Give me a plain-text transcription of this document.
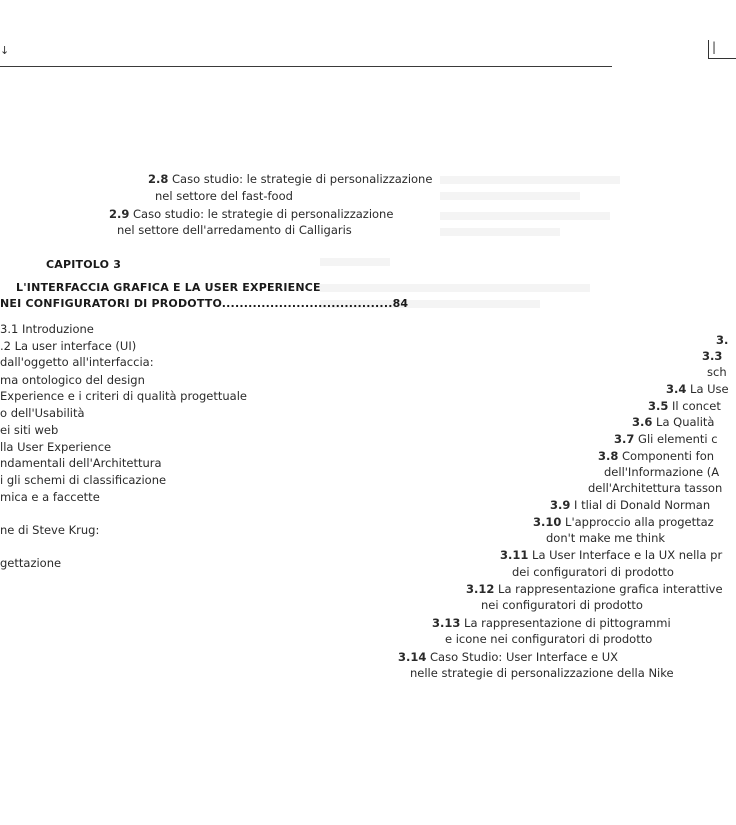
↓	|
2.8 Caso studio: le strategie di personalizzazione
nel settore del fast-food
2.9 Caso studio: le strategie di personalizzazione
nel settore dell'arredamento di Calligaris
CAPITOLO 3
L'INTERFACCIA GRAFICA E LA USER EXPERIENCE
NEI CONFIGURATORI DI PRODOTTO.......................................84
3.1 Introduzione
.2 La user interface (UI)
dall'oggetto all'interfaccia:
ma ontologico del design
Experience e i criteri di qualità progettuale
o dell'Usabilità
ei siti web
lla User Experience
ndamentali dell'Architettura
i gli schemi di classificazione
mica e a faccette
ne di Steve Krug:
gettazione
3.
3.3
sch
3.4 La Use
3.5 Il concet
3.6 La Qualità
3.7 Gli elementi c
3.8 Componenti fon
dell'Informazione (A
dell'Architettura tasson
3.9 I tlial di Donald Norman
3.10 L'approccio alla progettaz
don't make me think
3.11 La User Interface e la UX nella pr
dei configuratori di prodotto
3.12 La rappresentazione grafica interattive
nei configuratori di prodotto
3.13 La rappresentazione di pittogrammi
e icone nei configuratori di prodotto
3.14 Caso Studio: User Interface e UX
nelle strategie di personalizzazione della Nike
